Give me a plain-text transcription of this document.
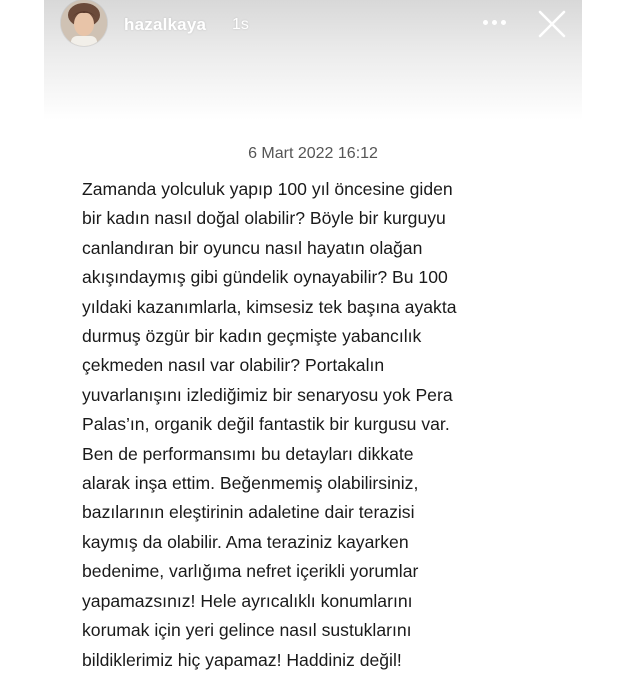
hazalkaya 1s
6 Mart 2022 16:12
Zamanda yolculuk yapıp 100 yıl öncesine giden
bir kadın nasıl doğal olabilir? Böyle bir kurguyu
canlandıran bir oyuncu nasıl hayatın olağan
akışındaymış gibi gündelik oynayabilir? Bu 100
yıldaki kazanımlarla, kimsesiz tek başına ayakta
durmuş özgür bir kadın geçmişte yabancılık
çekmeden nasıl var olabilir? Portakalın
yuvarlanışını izlediğimiz bir senaryosu yok Pera
Palas’ın, organik değil fantastik bir kurgusu var.
Ben de performansımı bu detayları dikkate
alarak inşa ettim. Beğenmemiş olabilirsiniz,
bazılarının eleştirinin adaletine dair terazisi
kaymış da olabilir. Ama teraziniz kayarken
bedenime, varlığıma nefret içerikli yorumlar
yapamazsınız! Hele ayrıcalıklı konumlarını
korumak için yeri gelince nasıl sustuklarını
bildiklerimiz hiç yapamaz! Haddiniz değil!
